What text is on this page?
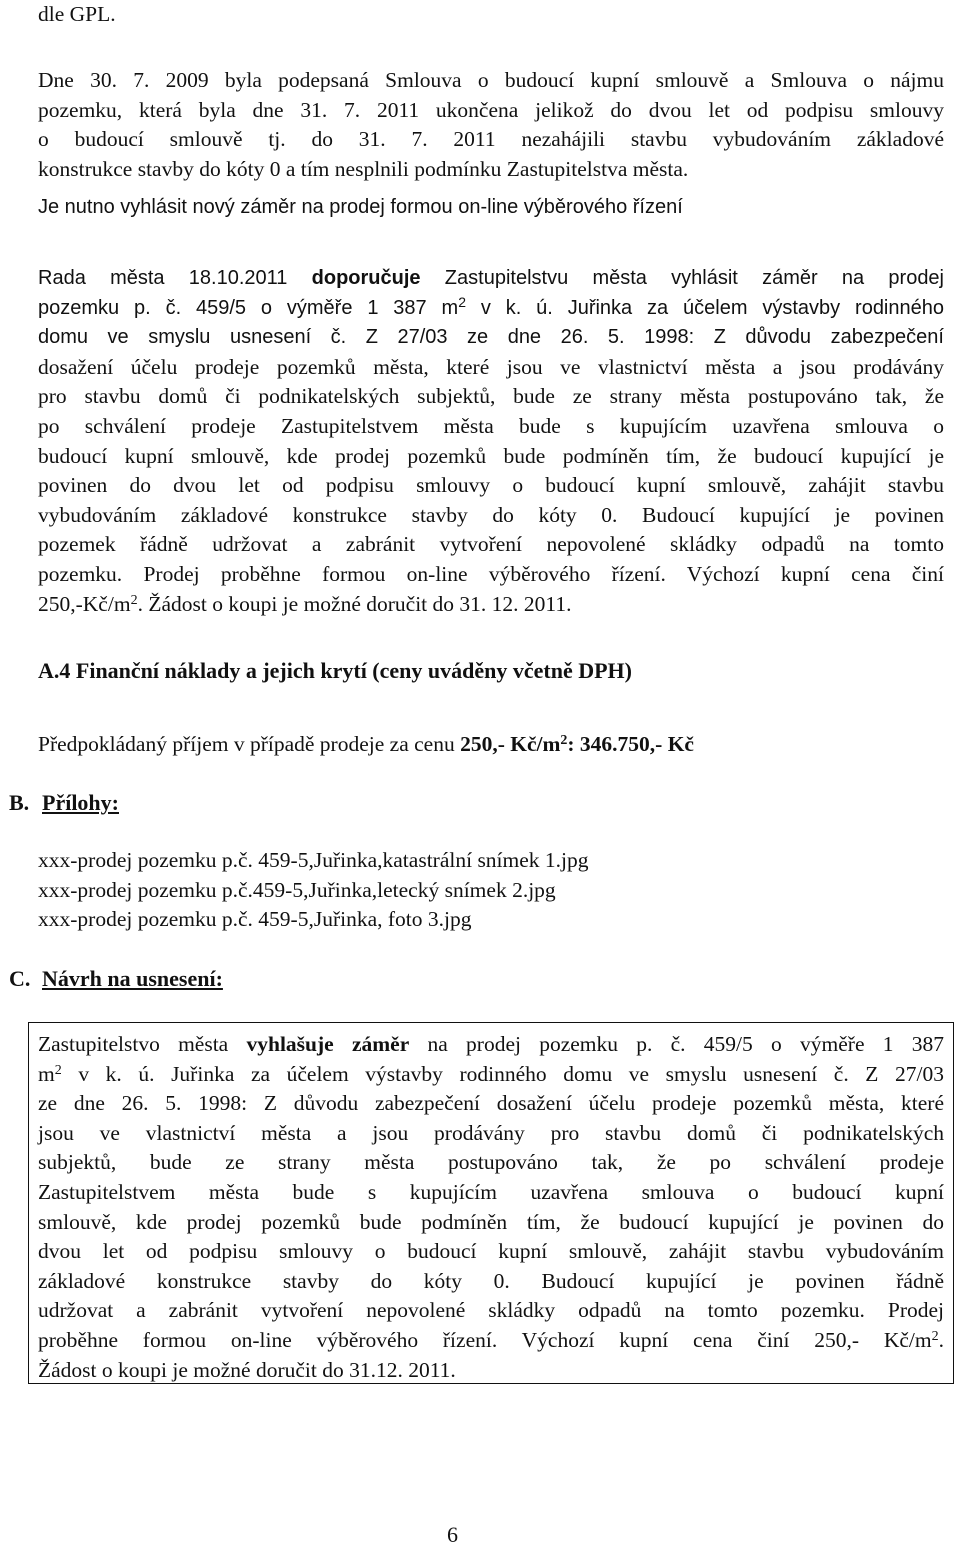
dle GPL.
Dne 30. 7. 2009 byla podepsaná Smlouva o budoucí kupní smlouvě a Smlouva o nájmu
pozemku, která byla dne 31. 7. 2011 ukončena jelikož do dvou let od podpisu smlouvy
o budoucí smlouvě tj. do 31. 7. 2011 nezahájili stavbu vybudováním základové
konstrukce stavby do kóty 0 a tím nesplnili podmínku Zastupitelstva města.
Je nutno vyhlásit nový záměr na prodej formou on-line výběrového řízení
Rada města 18.10.2011 doporučuje Zastupitelstvu města vyhlásit záměr na prodej
pozemku p. č. 459/5 o výměře 1 387 $m^2$ v k. ú. Juřinka za účelem výstavby rodinného
domu ve smyslu usnesení č. Z 27/03 ze dne 26. 5. 1998: Z důvodu zabezpečení
dosažení účelu prodeje pozemků města, které jsou ve vlastnictví města a jsou prodávány
pro stavbu domů či podnikatelských subjektů, bude ze strany města postupováno tak, že
po schválení prodeje Zastupitelstvem města bude s kupujícím uzavřena smlouva o
budoucí kupní smlouvě, kde prodej pozemků bude podmíněn tím, že budoucí kupující je
povinen do dvou let od podpisu smlouvy o budoucí kupní smlouvě, zahájit stavbu
vybudováním základové konstrukce stavby do kóty 0. Budoucí kupující je povinen
pozemek řádně udržovat a zabránit vytvoření nepovolené skládky odpadů na tomto
pozemku. Prodej proběhne formou on-line výběrového řízení. Výchozí kupní cena činí
$250,-Kč/m^2$. Žádost o koupi je možné doručit do 31. 12. 2011.
A.4 Finanční náklady a jejich krytí (ceny uváděny včetně DPH)
Předpokládaný příjem v případě prodeje za cenu 250,- $Kč/m^2$: 346.750,- Kč
B. Přílohy:
xxx-prodej pozemku p.č. 459-5,Juřinka,katastrální snímek 1.jpg
xxx-prodej pozemku p.č.459-5,Juřinka,letecký snímek 2.jpg
xxx-prodej pozemku p.č. 459-5,Juřinka, foto 3.jpg
C. Návrh na usnesení:
Zastupitelstvo města vyhlašuje záměr na prodej pozemku p. č. 459/5 o výměře 1 387
$m^2$ v k. ú. Juřinka za účelem výstavby rodinného domu ve smyslu usnesení č. Z 27/03
ze dne 26. 5. 1998: Z důvodu zabezpečení dosažení účelu prodeje pozemků města, které
jsou ve vlastnictví města a jsou prodávány pro stavbu domů či podnikatelských
subjektů, bude ze strany města postupováno tak, že po schválení prodeje
Zastupitelstvem města bude s kupujícím uzavřena smlouva o budoucí kupní
smlouvě, kde prodej pozemků bude podmíněn tím, že budoucí kupující je povinen do
dvou let od podpisu smlouvy o budoucí kupní smlouvě, zahájit stavbu vybudováním
základové konstrukce stavby do kóty 0. Budoucí kupující je povinen řádně
udržovat a zabránit vytvoření nepovolené skládky odpadů na tomto pozemku. Prodej
proběhne formou on-line výběrového řízení. Výchozí kupní cena činí 250,- $Kč/m^2$.
Žádost o koupi je možné doručit do 31.12. 2011.
6
